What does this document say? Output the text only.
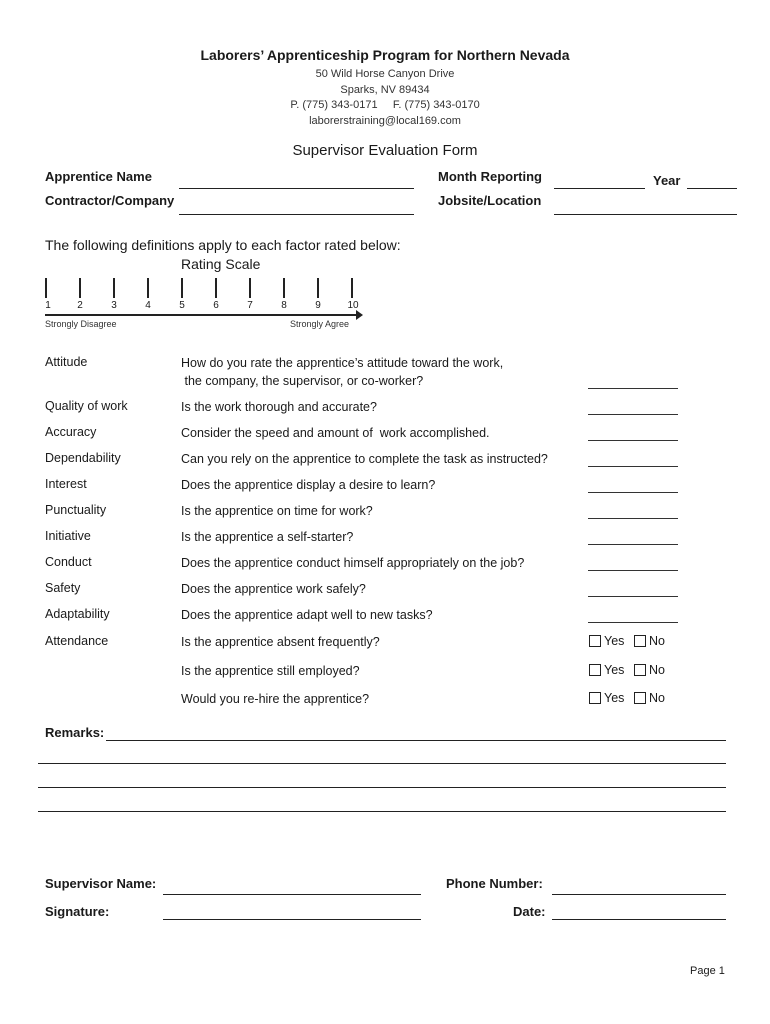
Laborers’ Apprenticeship Program for Northern Nevada
50 Wild Horse Canyon Drive
Sparks, NV 89434
P. (775) 343-0171     F. (775) 343-0170
laborerstraining@local169.com
Supervisor Evaluation Form
Apprentice Name
Contractor/Company
Month Reporting	Year
Jobsite/Location
The following definitions apply to each factor rated below:
Rating Scale
1	2	3	4	5	6	7	8	9	10
Strongly Disagree	Strongly Agree
Attitude	How do you rate the apprentice’s attitude toward the work,
the company, the supervisor, or co-worker?
Quality of work	Is the work thorough and accurate?
Accuracy	Consider the speed and amount of  work accomplished.
Dependability	Can you rely on the apprentice to complete the task as instructed?
Interest	Does the apprentice display a desire to learn?
Punctuality	Is the apprentice on time for work?
Initiative	Is the apprentice a self-starter?
Conduct	Does the apprentice conduct himself appropriately on the job?
Safety	Does the apprentice work safely?
Adaptability	Does the apprentice adapt well to new tasks?
Attendance	Is the apprentice absent frequently?	Yes No
Is the apprentice still employed?	Yes No
Would you re-hire the apprentice?	Yes No
Remarks:
Supervisor Name:	Phone Number:
Signature:	Date:
Page 1
